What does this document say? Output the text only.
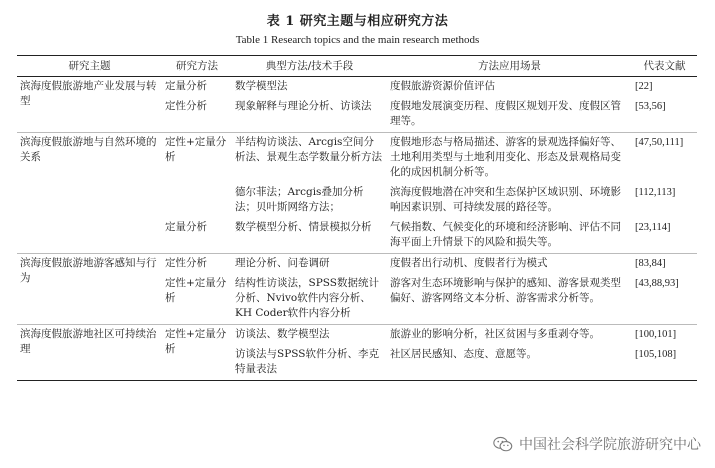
表 1 研究主题与相应研究方法
Table 1 Research topics and the main research methods
研究主题	研究方法	典型方法/技术手段	方法应用场景	代表文献
滨海度假旅游地产业发展与转型	定量分析	数学模型法	度假旅游资源价值评估	[22]
	定性分析	现象解释与理论分析、访谈法	度假地发展演变历程、度假区规划开发、度假区管理等。	[53,56]
滨海度假旅游地与自然环境的关系	定性+定量分析	半结构访谈法、Arcgis空间分析法、景观生态学数量分析方法	度假地形态与格局描述、游客的景观选择偏好等、土地利用类型与土地利用变化、形态及景观格局变化的成因机制分析等。	[47,50,111]
		德尔菲法；Arcgis叠加分析法；贝叶斯网络方法；	滨海度假地潜在冲突和生态保护区域识别、环境影响因素识别、可持续发展的路径等。	[112,113]
	定量分析	数学模型分析、情景模拟分析	气候指数、气候变化的环境和经济影响、评估不同海平面上升情景下的风险和损失等。	[23,114]
滨海度假旅游地游客感知与行为	定性分析	理论分析、问卷调研	度假者出行动机、度假者行为模式	[83,84]
	定性+定量分析	结构性访谈法，SPSS数据统计分析、Nvivo软件内容分析、KH Coder软件内容分析	游客对生态环境影响与保护的感知、游客景观类型偏好、游客网络文本分析、游客需求分析等。	[43,88,93]
滨海度假旅游地社区可持续治理	定性+定量分析	访谈法、数学模型法	旅游业的影响分析，社区贫困与多重剥夺等。	[100,101]
		访谈法与SPSS软件分析、李克特量表法	社区居民感知、态度、意愿等。	[105,108]
中国社会科学院旅游研究中心
